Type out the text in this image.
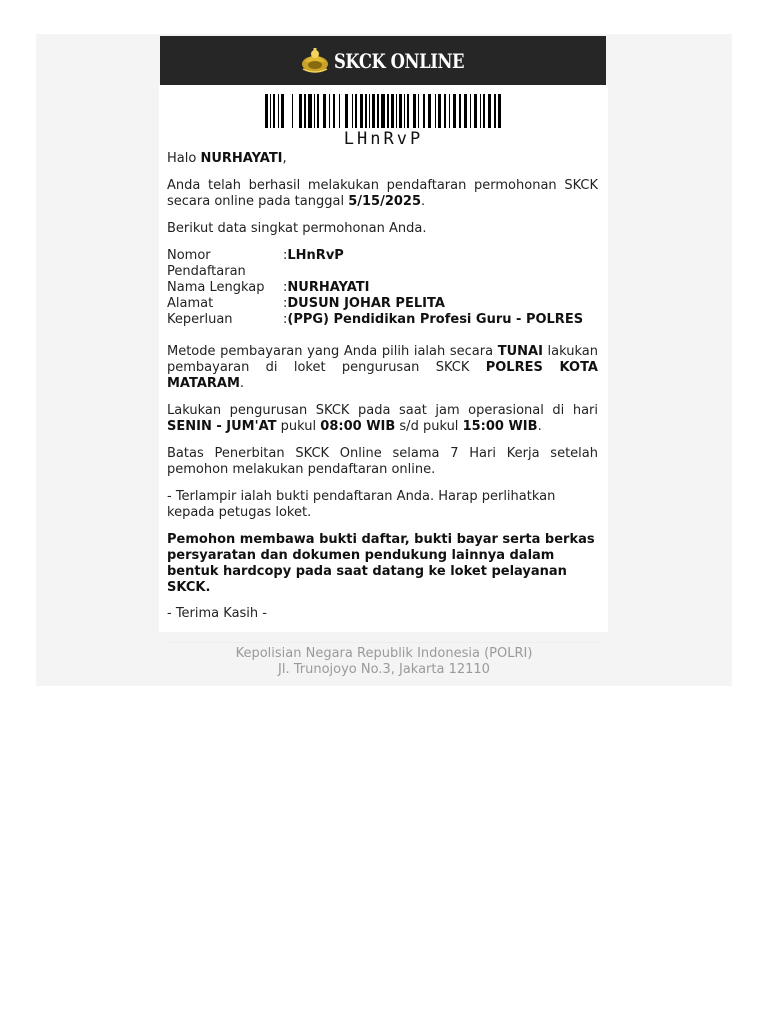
SKCK ONLINE
LHnRvP

Halo NURHAYATI,

Anda telah berhasil melakukan pendaftaran permohonan SKCK secara online pada tanggal 5/15/2025.

Berikut data singkat permohonan Anda.

Nomor Pendaftaran	:	LHnRvP
Nama Lengkap	:	NURHAYATI
Alamat	:	DUSUN JOHAR PELITA
Keperluan	:	(PPG) Pendidikan Profesi Guru - POLRES

Metode pembayaran yang Anda pilih ialah secara TUNAI lakukan pembayaran di loket pengurusan SKCK POLRES KOTA MATARAM.

Lakukan pengurusan SKCK pada saat jam operasional di hari SENIN - JUM'AT pukul 08:00 WIB s/d pukul 15:00 WIB.

Batas Penerbitan SKCK Online selama 7 Hari Kerja setelah pemohon melakukan pendaftaran online.

- Terlampir ialah bukti pendaftaran Anda. Harap perlihatkan kepada petugas loket.

Pemohon membawa bukti daftar, bukti bayar serta berkas persyaratan dan dokumen pendukung lainnya dalam bentuk hardcopy pada saat datang ke loket pelayanan SKCK.

- Terima Kasih -

Kepolisian Negara Republik Indonesia (POLRI)
Jl. Trunojoyo No.3, Jakarta 12110
